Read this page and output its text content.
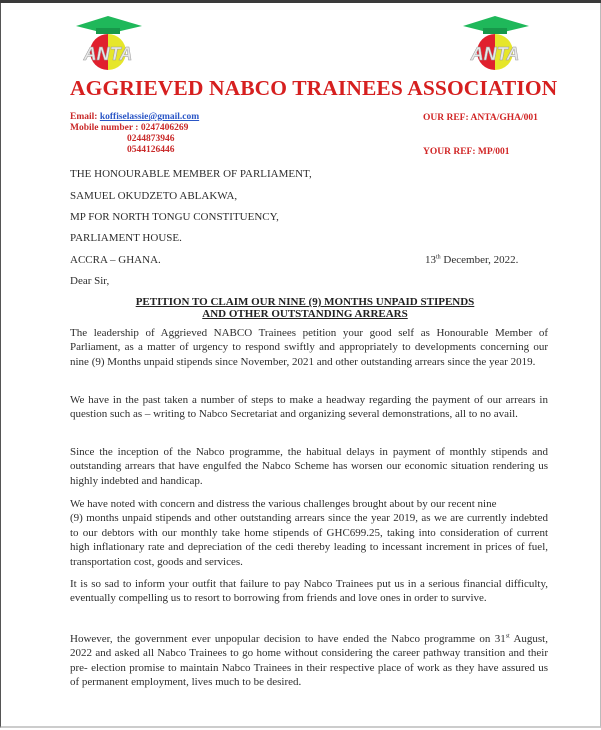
ANTA	ANTA
AGGRIEVED NABCO TRAINEES ASSOCIATION
Email: koffiselassie@gmail.com
Mobile number : 0247406269
0244873946
0544126446
OUR REF: ANTA/GHA/001
YOUR REF: MP/001
THE HONOURABLE MEMBER OF PARLIAMENT,
SAMUEL OKUDZETO ABLAKWA,
MP FOR NORTH TONGU CONSTITUENCY,
PARLIAMENT HOUSE.
ACCRA – GHANA.	13th December, 2022.
Dear Sir,
PETITION TO CLAIM OUR NINE (9) MONTHS UNPAID STIPENDS
AND OTHER OUTSTANDING ARREARS
The leadership of Aggrieved NABCO Trainees petition your good self as Honourable Member of Parliament, as a matter of urgency to respond swiftly and appropriately to developments concerning our nine (9) Months unpaid stipends since November, 2021 and other outstanding arrears since the year 2019.
We have in the past taken a number of steps to make a headway regarding the payment of our arrears in question such as – writing to Nabco Secretariat and organizing several demonstrations, all to no avail.
Since the inception of the Nabco programme, the habitual delays in payment of monthly stipends and outstanding arrears that have engulfed the Nabco Scheme has worsen our economic situation rendering us highly indebted and handicap.
We have noted with concern and distress the various challenges brought about by our recent nine
(9) months unpaid stipends and other outstanding arrears since the year 2019, as we are currently indebted to our debtors with our monthly take home stipends of GHC699.25, taking into consideration of current high inflationary rate and depreciation of the cedi thereby leading to incessant increment in prices of fuel, transportation cost, goods and services.
It is so sad to inform your outfit that failure to pay Nabco Trainees put us in a serious financial difficulty, eventually compelling us to resort to borrowing from friends and love ones in order to survive.
However, the government ever unpopular decision to have ended the Nabco programme on 31st August, 2022 and asked all Nabco Trainees to go home without considering the career pathway transition and their pre- election promise to maintain Nabco Trainees in their respective place of work as they have assured us of permanent employment, lives much to be desired.
